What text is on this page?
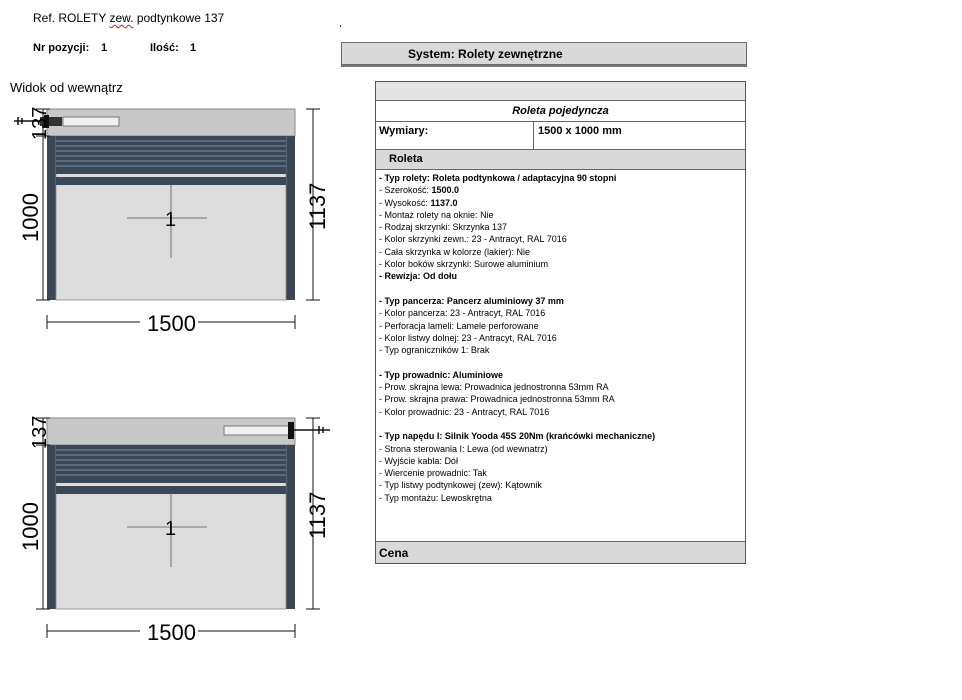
Ref. ROLETY zew. podtynkowe 137
Nr pozycji: 1	Ilość: 1
Widok od wewnątrz
1
137
1000	1137
1500
1
137
1000	1137
1500
System: Rolety zewnętrzne
Roleta pojedyncza
Wymiary:	1500 x 1000 mm
Roleta
- Typ rolety: Roleta podtynkowa / adaptacyjna 90 stopni
- Szerokość: 1500.0
- Wysokość: 1137.0
- Montaż rolety na oknie: Nie
- Rodzaj skrzynki: Skrzynka 137
- Kolor skrzynki zewn.: 23 - Antracyt, RAL 7016
- Cała skrzynka w kolorze (lakier): Nie
- Kolor boków skrzynki: Surowe aluminium
- Rewizja: Od dołu
- Typ pancerza: Pancerz aluminiowy 37 mm
- Kolor pancerza: 23 - Antracyt, RAL 7016
- Perforacja lameli: Lamele perforowane
- Kolor listwy dolnej: 23 - Antracyt, RAL 7016
- Typ ograniczników 1: Brak
- Typ prowadnic: Aluminiowe
- Prow. skrajna lewa: Prowadnica jednostronna 53mm RA
- Prow. skrajna prawa: Prowadnica jednostronna 53mm RA
- Kolor prowadnic: 23 - Antracyt, RAL 7016
- Typ napędu I: Silnik Yooda 45S 20Nm (krańcówki mechaniczne)
- Strona sterowania I: Lewa (od wewnatrz)
- Wyjście kabla: Dół
- Wiercenie prowadnic: Tak
- Typ listwy podtynkowej (zew): Kątownik
- Typ montażu: Lewoskrętna
Cena
